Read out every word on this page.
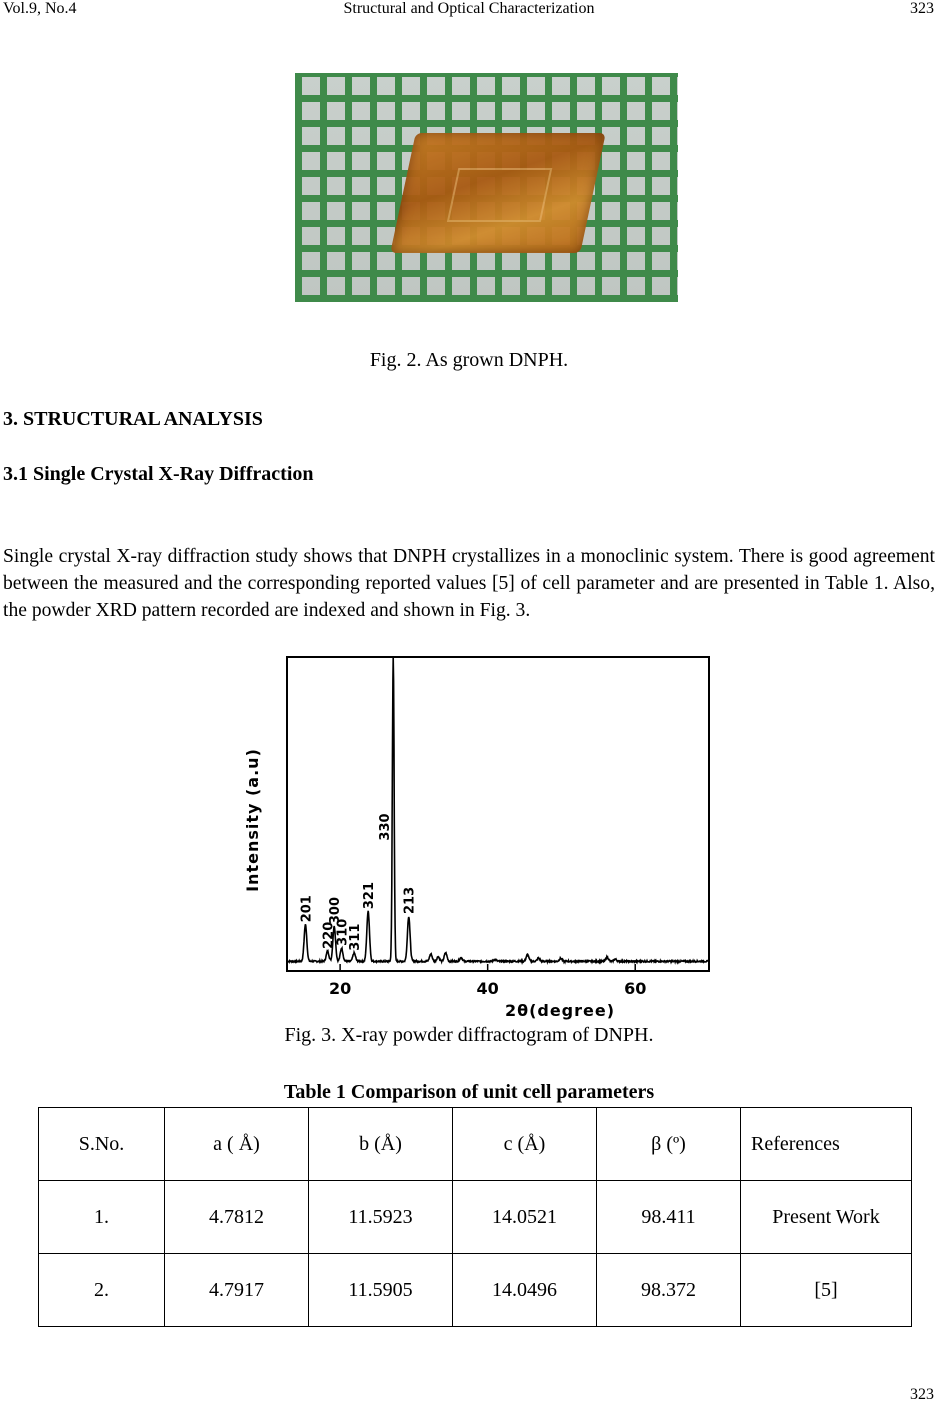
Vol.9, No.4	Structural and Optical Characterization	323
Fig. 2. As grown DNPH.
3. STRUCTURAL ANALYSIS
3.1 Single Crystal X-Ray Diffraction
Single crystal X-ray diffraction study shows that DNPH crystallizes in a monoclinic system. There is good agreement between the measured and the corresponding reported values [5] of cell parameter and are presented in Table 1. Also, the powder XRD pattern recorded are indexed and shown in Fig. 3.
20	40	60
201
220
300
310
311
321
330
213
2θ(degree)
Intensity (a.u)
Fig. 3. X-ray powder diffractogram of DNPH.
Table 1 Comparison of unit cell parameters
S.No.	a ( Å)	b (Å)	c (Å)	β (º)	References
1.	4.7812	11.5923	14.0521	98.411	Present Work
2.	4.7917	11.5905	14.0496	98.372	[5]
323
